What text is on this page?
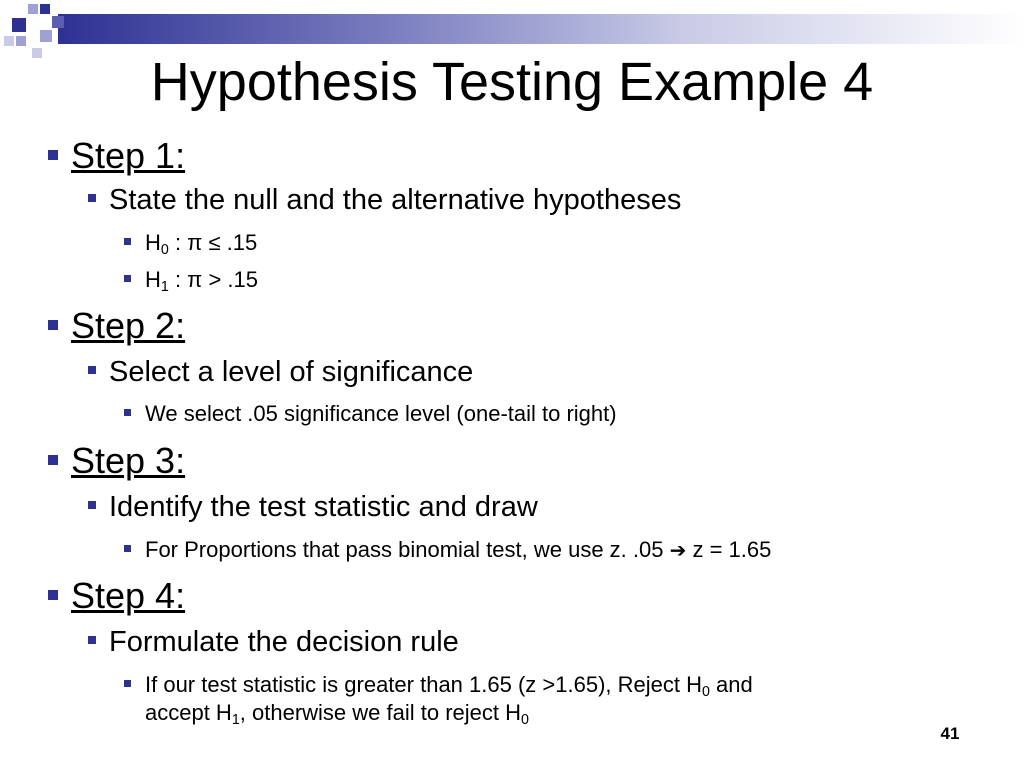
Hypothesis Testing Example 4
Step 1:
State the null and the alternative hypotheses
$H_0$ : π ≤ .15
$H_1$ : π > .15
Step 2:
Select a level of significance
We select .05 significance level (one-tail to right)
Step 3:
Identify the test statistic and draw
For Proportions that pass binomial test, we use z. .05 ➔ z = 1.65
Step 4:
Formulate the decision rule
If our test statistic is greater than 1.65 (z >1.65), Reject $H_0$ and
accept $H_1$, otherwise we fail to reject $H_0$
41
